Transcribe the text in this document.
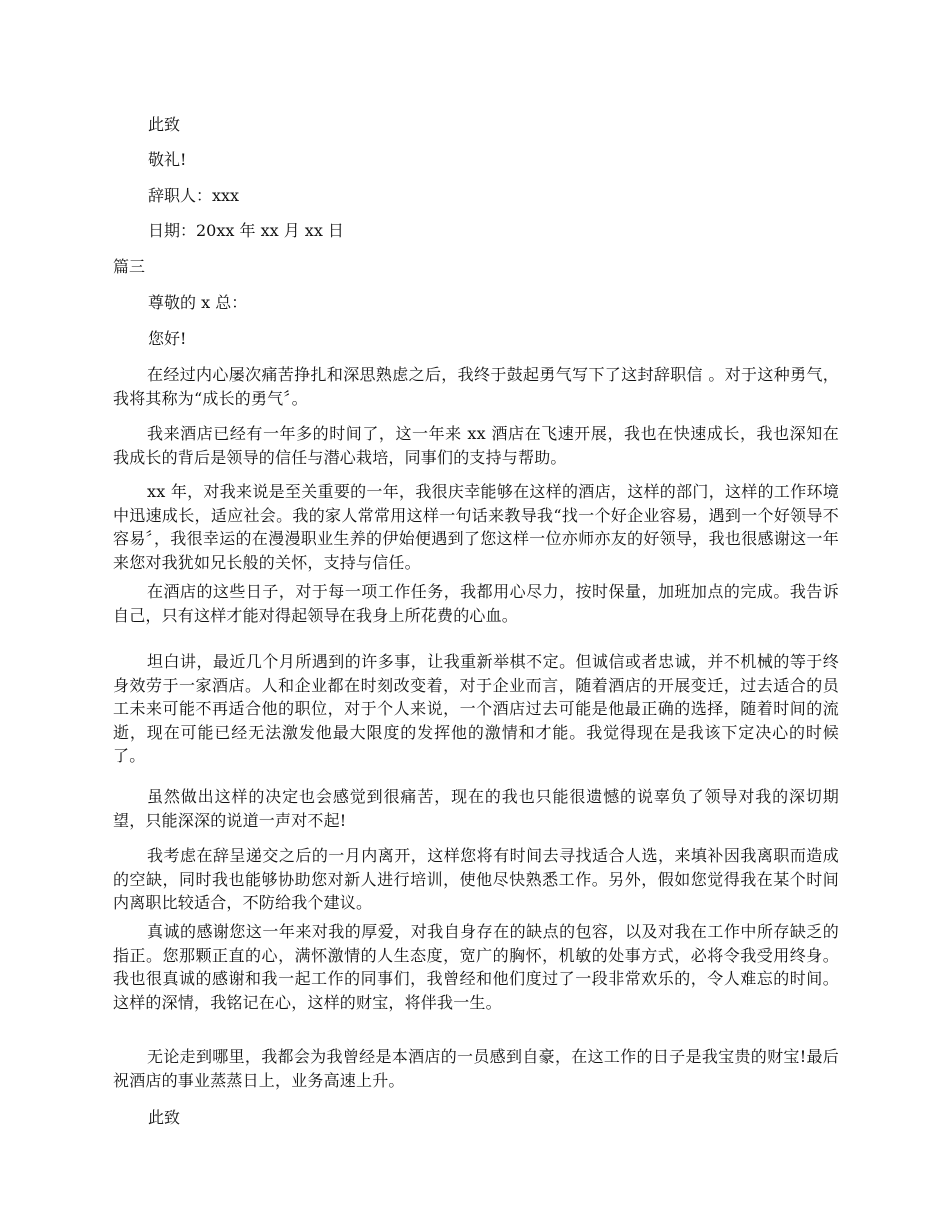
此致
敬礼!
辞职人：xxx
日期：20xx 年 xx 月 xx 日
篇三
尊敬的 x 总：
您好!
在经过内心屡次痛苦挣扎和深思熟虑之后，我终于鼓起勇气写下了这封辞职信 。对于这种勇气，我将其称为“成长的勇气〞。
我来酒店已经有一年多的时间了，这一年来 xx 酒店在飞速开展，我也在快速成长，我也深知在我成长的背后是领导的信任与潜心栽培，同事们的支持与帮助。
xx 年，对我来说是至关重要的一年，我很庆幸能够在这样的酒店，这样的部门，这样的工作环境中迅速成长，适应社会。我的家人常常用这样一句话来教导我“找一个好企业容易，遇到一个好领导不容易〞，我很幸运的在漫漫职业生养的伊始便遇到了您这样一位亦师亦友的好领导，我也很感谢这一年来您对我犹如兄长般的关怀，支持与信任。
在酒店的这些日子，对于每一项工作任务，我都用心尽力，按时保量，加班加点的完成。我告诉自己，只有这样才能对得起领导在我身上所花费的心血。
坦白讲，最近几个月所遇到的许多事，让我重新举棋不定。但诚信或者忠诚，并不机械的等于终身效劳于一家酒店。人和企业都在时刻改变着，对于企业而言，随着酒店的开展变迁，过去适合的员工未来可能不再适合他的职位，对于个人来说，一个酒店过去可能是他最正确的选择，随着时间的流逝，现在可能已经无法激发他最大限度的发挥他的激情和才能。我觉得现在是我该下定决心的时候了。
虽然做出这样的决定也会感觉到很痛苦，现在的我也只能很遗憾的说辜负了领导对我的深切期望，只能深深的说道一声对不起!
我考虑在辞呈递交之后的一月内离开，这样您将有时间去寻找适合人选，来填补因我离职而造成的空缺，同时我也能够协助您对新人进行培训，使他尽快熟悉工作。另外，假如您觉得我在某个时间内离职比较适合，不防给我个建议。
真诚的感谢您这一年来对我的厚爱，对我自身存在的缺点的包容，以及对我在工作中所存缺乏的指正。您那颗正直的心，满怀激情的人生态度，宽广的胸怀，机敏的处事方式，必将令我受用终身。我也很真诚的感谢和我一起工作的同事们，我曾经和他们度过了一段非常欢乐的，令人难忘的时间。这样的深情，我铭记在心，这样的财宝，将伴我一生。
无论走到哪里，我都会为我曾经是本酒店的一员感到自豪，在这工作的日子是我宝贵的财宝!最后祝酒店的事业蒸蒸日上，业务高速上升。
此致
